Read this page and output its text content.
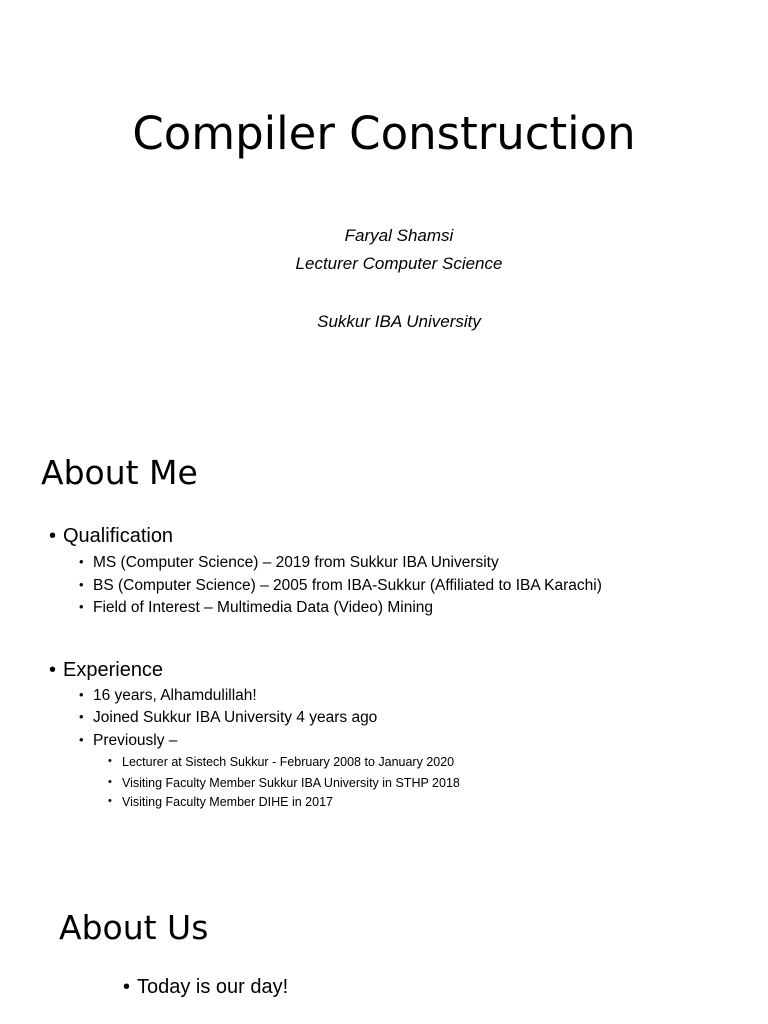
Compiler Construction
Faryal Shamsi
Lecturer Computer Science
Sukkur IBA University
About Me
• Qualification
• MS (Computer Science) – 2019 from Sukkur IBA University
• BS (Computer Science) – 2005 from IBA-Sukkur (Affiliated to IBA Karachi)
• Field of Interest – Multimedia Data (Video) Mining
• Experience
• 16 years, Alhamdulillah!
• Joined Sukkur IBA University 4 years ago
• Previously –
• Lecturer at Sistech Sukkur - February 2008 to January 2020
• Visiting Faculty Member Sukkur IBA University in STHP 2018
• Visiting Faculty Member DIHE in 2017
About Us
• Today is our day!
